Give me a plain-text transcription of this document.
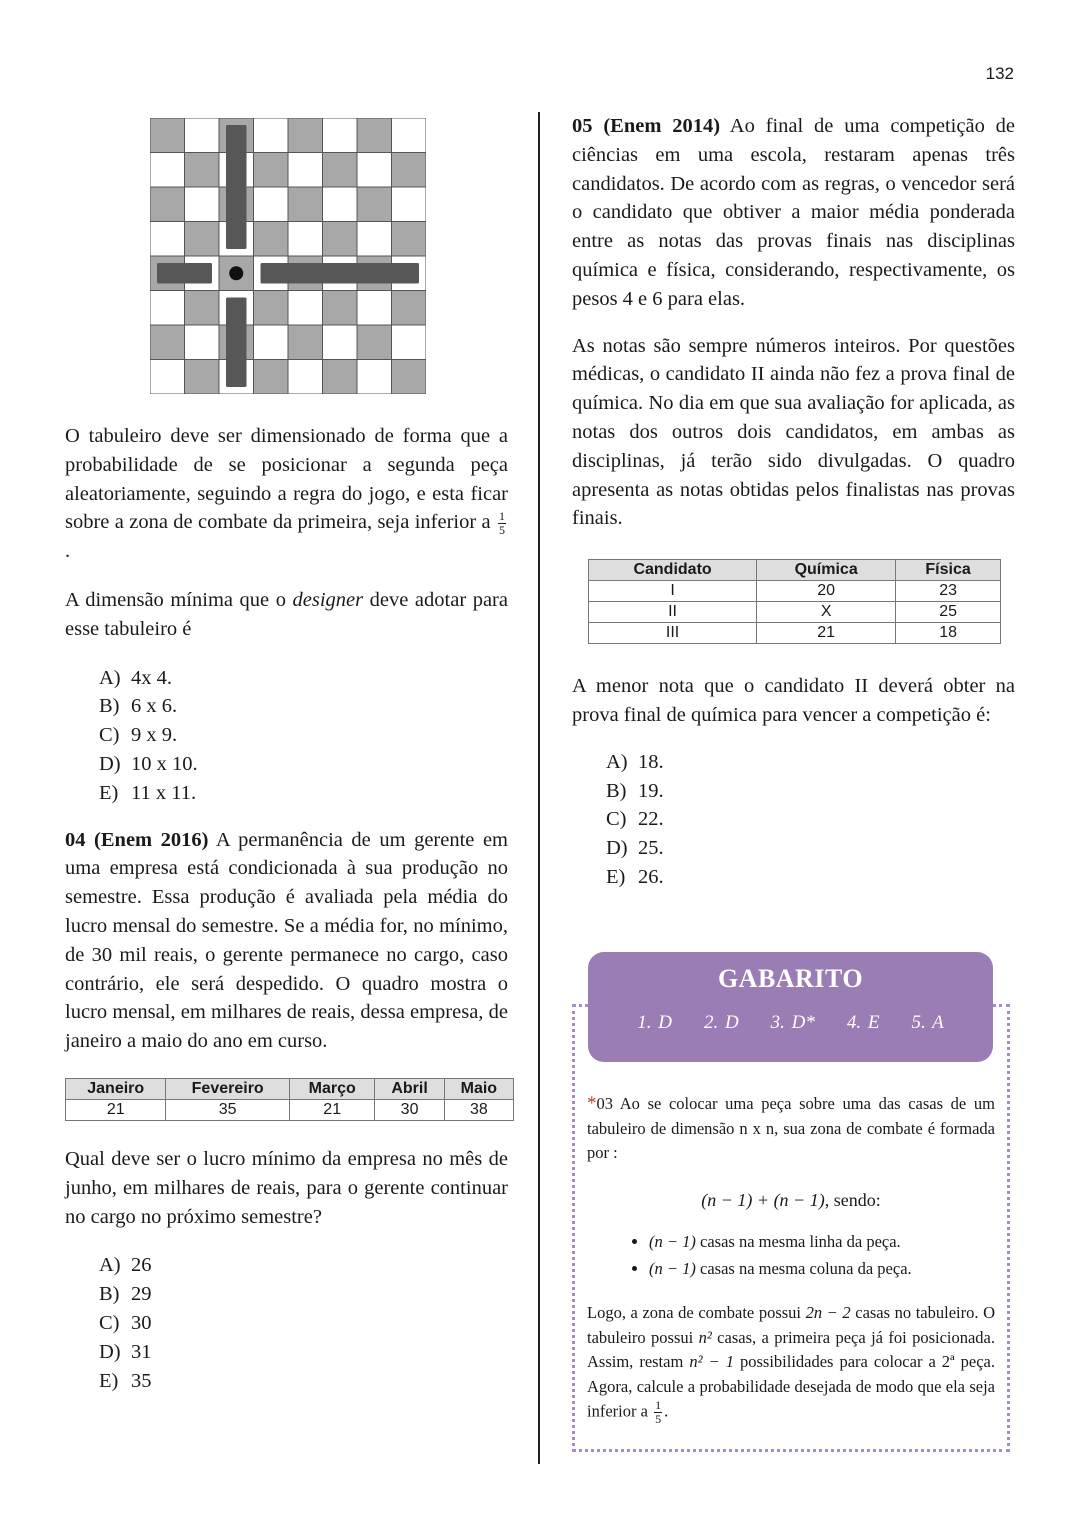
132

O tabuleiro deve ser dimensionado de forma que a probabilidade de se posicionar a segunda peça aleatoriamente, seguindo a regra do jogo, e esta ficar sobre a zona de combate da primeira, seja inferior a $\frac{1}{5}$
.

A dimensão mínima que o designer deve adotar para esse tabuleiro é

A) 4x 4.
B) 6 x 6.
C) 9 x 9.
D) 10 x 10.
E) 11 x 11.

04 (Enem 2016) A permanência de um gerente em uma empresa está condicionada à sua produção no semestre. Essa produção é avaliada pela média do lucro mensal do semestre. Se a média for, no mínimo, de 30 mil reais, o gerente permanece no cargo, caso contrário, ele será despedido. O quadro mostra o lucro mensal, em milhares de reais, dessa empresa, de janeiro a maio do ano em curso.

Janeiro	Fevereiro	Março	Abril	Maio
21	35	21	30	38

Qual deve ser o lucro mínimo da empresa no mês de junho, em milhares de reais, para o gerente continuar no cargo no próximo semestre?

A) 26
B) 29
C) 30
D) 31
E) 35

05 (Enem 2014) Ao final de uma competição de ciências em uma escola, restaram apenas três candidatos. De acordo com as regras, o vencedor será o candidato que obtiver a maior média ponderada entre as notas das provas finais nas disciplinas química e física, considerando, respectivamente, os pesos 4 e 6 para elas.

As notas são sempre números inteiros. Por questões médicas, o candidato II ainda não fez a prova final de química. No dia em que sua avaliação for aplicada, as notas dos outros dois candidatos, em ambas as disciplinas, já terão sido divulgadas. O quadro apresenta as notas obtidas pelos finalistas nas provas finais.

Candidato	Química	Física
I	20	23
II	X	25
III	21	18

A menor nota que o candidato II deverá obter na prova final de química para vencer a competição é:

A) 18.
B) 19.
C) 22.
D) 25.
E) 26.
GABARITO
1. D 2. D 3. D* 4. E 5. A

*03 Ao se colocar uma peça sobre uma das casas de um tabuleiro de dimensão n x n, sua zona de combate é formada por :

(n − 1) + (n − 1), sendo:

• (n − 1) casas na mesma linha da peça.
• (n − 1) casas na mesma coluna da peça.

Logo, a zona de combate possui 2n − 2 casas no tabuleiro. O tabuleiro possui n² casas, a primeira peça já foi posicionada. Assim, restam n² − 1 possibilidades para colocar a 2ª peça. Agora, calcule a probabilidade desejada de modo que ela seja inferior a $\frac{1}{5}$ .
